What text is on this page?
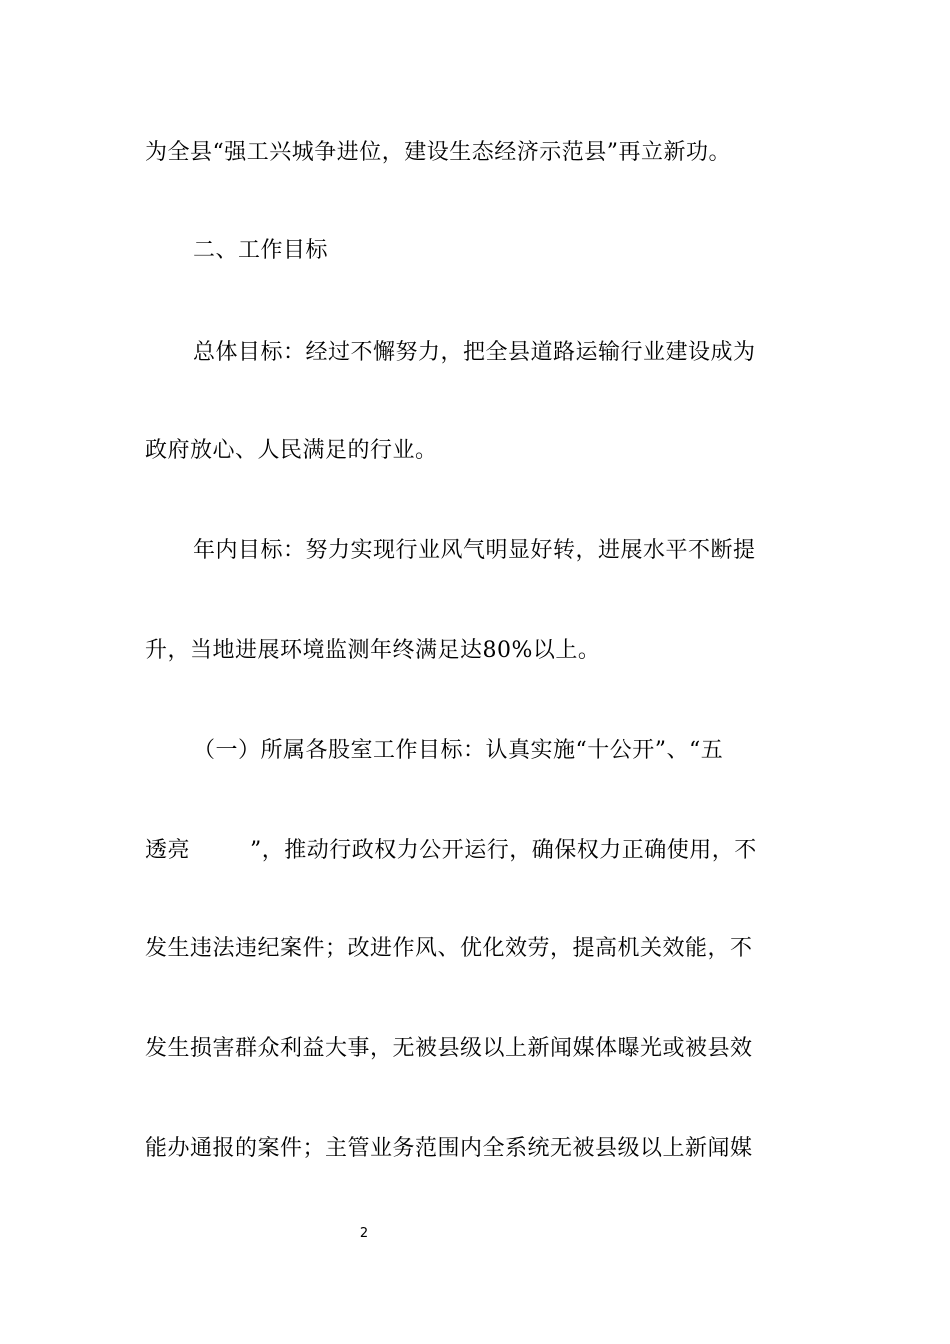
为全县“强工兴城争进位，建设生态经济示范县”再立新功。
二、工作目标
总体目标：经过不懈努力，把全县道路运输行业建设成为
政府放心、人民满足的行业。
年内目标：努力实现行业风气明显好转，进展水平不断提
升，当地进展环境监测年终满足达80%以上。
（一）所属各股室工作目标：认真实施“十公开”、“五
透亮        ”，推动行政权力公开运行，确保权力正确使用，不
发生违法违纪案件；改进作风、优化效劳，提高机关效能，不
发生损害群众利益大事，无被县级以上新闻媒体曝光或被县效
能办通报的案件；主管业务范围内全系统无被县级以上新闻媒
2
